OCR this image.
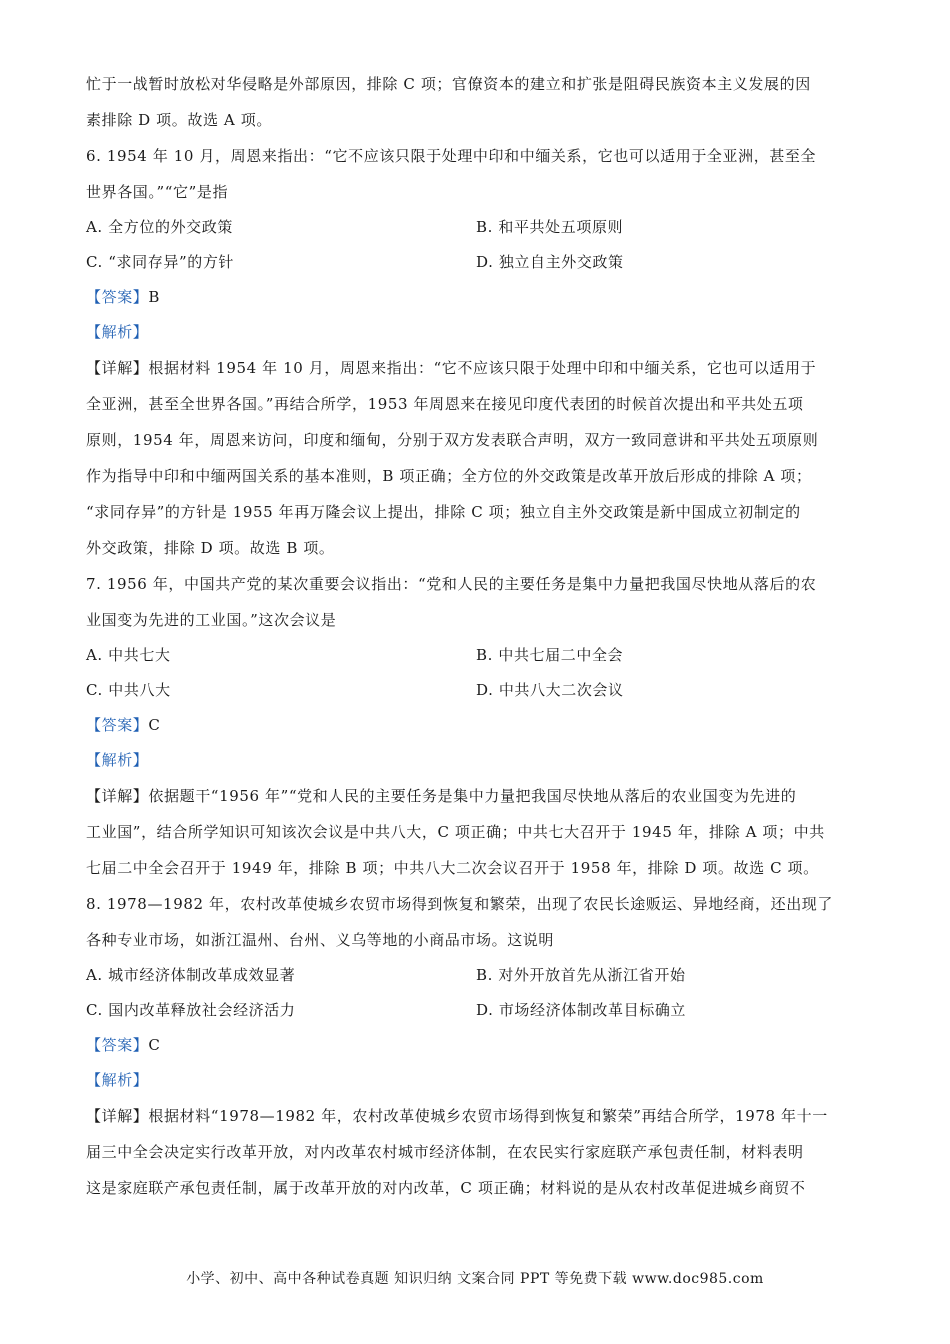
忙于一战暂时放松对华侵略是外部原因，排除 C 项；官僚资本的建立和扩张是阻碍民族资本主义发展的因

素排除 D 项。故选 A 项。

6. 1954 年 10 月，周恩来指出：“它不应该只限于处理中印和中缅关系，它也可以适用于全亚洲，甚至全

世界各国。”“它”是指

A. 全方位的外交政策	B. 和平共处五项原则
C. “求同存异”的方针	D. 独立自主外交政策

【答案】B

【解析】

【详解】根据材料 1954 年 10 月，周恩来指出：“它不应该只限于处理中印和中缅关系，它也可以适用于

全亚洲，甚至全世界各国。”再结合所学，1953 年周恩来在接见印度代表团的时候首次提出和平共处五项

原则，1954 年，周恩来访问，印度和缅甸，分别于双方发表联合声明，双方一致同意讲和平共处五项原则

作为指导中印和中缅两国关系的基本准则，B 项正确；全方位的外交政策是改革开放后形成的排除 A 项；

“求同存异”的方针是 1955 年再万隆会议上提出，排除 C 项；独立自主外交政策是新中国成立初制定的

外交政策，排除 D 项。故选 B 项。

7. 1956 年，中国共产党的某次重要会议指出：“党和人民的主要任务是集中力量把我国尽快地从落后的农

业国变为先进的工业国。”这次会议是

A. 中共七大	B. 中共七届二中全会
C. 中共八大	D. 中共八大二次会议

【答案】C

【解析】

【详解】依据题干“1956 年”“党和人民的主要任务是集中力量把我国尽快地从落后的农业国变为先进的

工业国”，结合所学知识可知该次会议是中共八大，C 项正确；中共七大召开于 1945 年，排除 A 项；中共

七届二中全会召开于 1949 年，排除 B 项；中共八大二次会议召开于 1958 年，排除 D 项。故选 C 项。

8. 1978—1982 年，农村改革使城乡农贸市场得到恢复和繁荣，出现了农民长途贩运、异地经商，还出现了

各种专业市场，如浙江温州、台州、义乌等地的小商品市场。这说明

A. 城市经济体制改革成效显著	B. 对外开放首先从浙江省开始
C. 国内改革释放社会经济活力	D. 市场经济体制改革目标确立

【答案】C

【解析】

【详解】根据材料“1978—1982 年，农村改革使城乡农贸市场得到恢复和繁荣”再结合所学，1978 年十一

届三中全会决定实行改革开放，对内改革农村城市经济体制，在农民实行家庭联产承包责任制，材料表明

这是家庭联产承包责任制，属于改革开放的对内改革，C 项正确；材料说的是从农村改革促进城乡商贸不

小学、初中、高中各种试卷真题 知识归纳 文案合同 PPT 等免费下载 www.doc985.com
